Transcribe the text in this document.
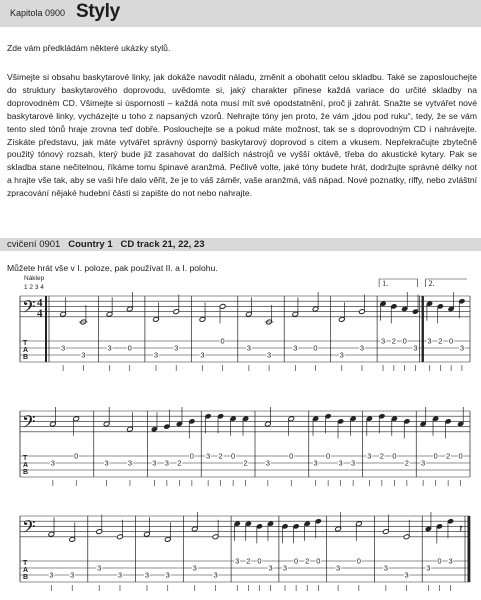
Kapitola 0900 Styly
Zde vám předkládám některé ukázky stylů.
Všimejte si obsahu baskytarové linky, jak dokáže navodit náladu, změnit a obohatit celou skladbu. Také se zaposlouchejte do struktury baskytarového doprovodu, uvědomte si, jaký charakter přinese každá variace do určité skladby na doprovodném CD. Všimejte si úspornosti – každá nota musí mít své opodstatnění, proč ji zahrát. Snažte se vytvářet nové baskytarové linky, vycházejte u toho z napsaných vzorů. Nehrajte tóny jen proto, že vám „jdou pod ruku“, tedy, že se vám tento sled tónů hraje zrovna teď dobře. Poslouchejte se a pokud máte možnost, tak se s doprovodným CD i nahrávejte. Získáte představu, jak máte vytvářet správný úsporný baskytarový doprovod s citem a vkusem. Nepřekračujte zbytečně použitý tónový rozsah, který bude již zasahovat do dalších nástrojů ve vyšší oktávě, třeba do akustické kytary. Pak se skladba stane nečitelnou, říkáme tomu špinavé aranžmá. Pečlivě volte, jaké tóny budete hrát, dodržujte správné délky not a hrajte vše tak, aby se vaši hře dalo věřit, že je to váš záměr, vaše aranžmá, váš nápad. Nové poznatky, riffy, nebo zvláštní zpracování nějaké hudební části si zapište do not nebo nahrajte.
cvičení 0901 Country 1 CD track 21, 22, 23
Můžete hrát vše v I. poloze, pak používat II. a I. polohu.
𝄢
T
A
B
Náklep
1 2 3 4
4
4
3
3
3 0
3
3
3
0
3
3
3 0
3
3
3 2 0
3
1.
3 2 0
3
2.
𝄢
T
A
B
3
0
3	3	3 3 2
0 3 2 0
2 3
0
3
0
3 3
3 2 0
2 3
0 2 0
𝄢
T
A
B	3 3
3
3	3 3
3
3
3 2 0
3 3
0 2 0
3
0
3
3
3
0 3
𝄽
